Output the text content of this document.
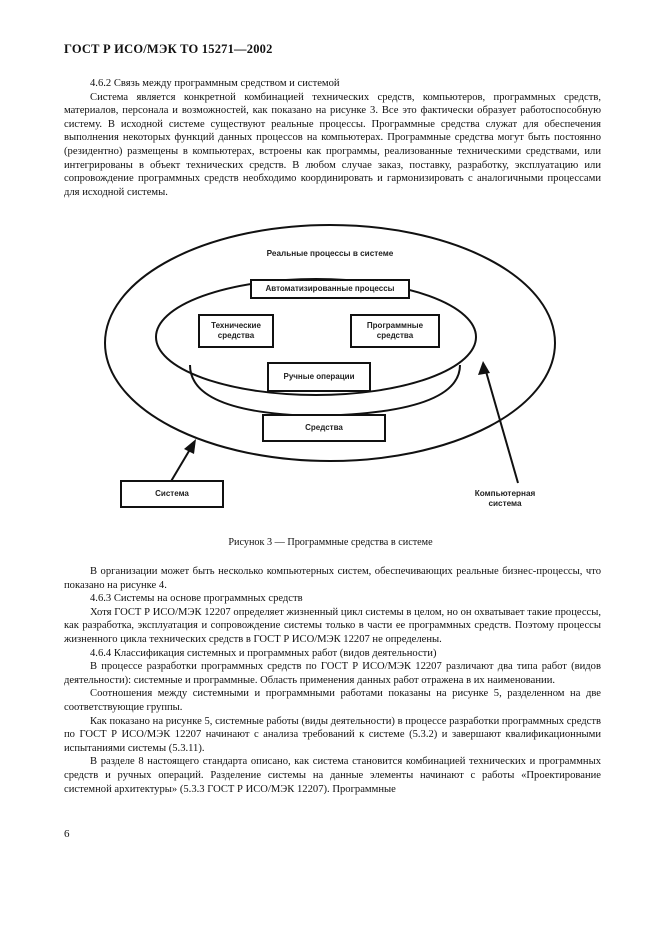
ГОСТ Р ИСО/МЭК ТО 15271—2002

4.6.2 Связь между программным средством и системой

Система является конкретной комбинацией технических средств, компьютеров, программных средств, материалов, персонала и возможностей, как показано на рисунке 3. Все это фактически образует работоспособную систему. В исходной системе существуют реальные процессы. Программные средства служат для обеспечения выполнения некоторых функций данных процессов на компьютерах. Программные средства могут быть постоянно (резидентно) размещены в компьютерах, встроены как программы, реализованные техническими средствами, или интегрированы в объект технических средств. В любом случае заказ, поставку, разработку, эксплуатацию или сопровождение программных средств необходимо координировать и гармонизировать с аналогичными процессами для исходной системы.

Реальные процессы в системе
Автоматизированные процессы
Технические средства
Программные средства
Ручные операции
Средства
Система	Компьютерная система
Рисунок 3 — Программные средства в системе

В организации может быть несколько компьютерных систем, обеспечивающих реальные бизнес-процессы, что показано на рисунке 4.

4.6.3 Системы на основе программных средств

Хотя ГОСТ Р ИСО/МЭК 12207 определяет жизненный цикл системы в целом, но он охватывает такие процессы, как разработка, эксплуатация и сопровождение системы только в части ее программных средств. Поэтому процессы жизненного цикла технических средств в ГОСТ Р ИСО/МЭК 12207 не определены.

4.6.4 Классификация системных и программных работ (видов деятельности)

В процессе разработки программных средств по ГОСТ Р ИСО/МЭК 12207 различают два типа работ (видов деятельности): системные и программные. Область применения данных работ отражена в их наименовании.

Соотношения между системными и программными работами показаны на рисунке 5, разделенном на две соответствующие группы.

Как показано на рисунке 5, системные работы (виды деятельности) в процессе разработки программных средств по ГОСТ Р ИСО/МЭК 12207 начинают с анализа требований к системе (5.3.2) и завершают квалификационными испытаниями системы (5.3.11).

В разделе 8 настоящего стандарта описано, как система становится комбинацией технических и программных средств и ручных операций. Разделение системы на данные элементы начинают с работы «Проектирование системной архитектуры» (5.3.3 ГОСТ Р ИСО/МЭК 12207). Программные

6
